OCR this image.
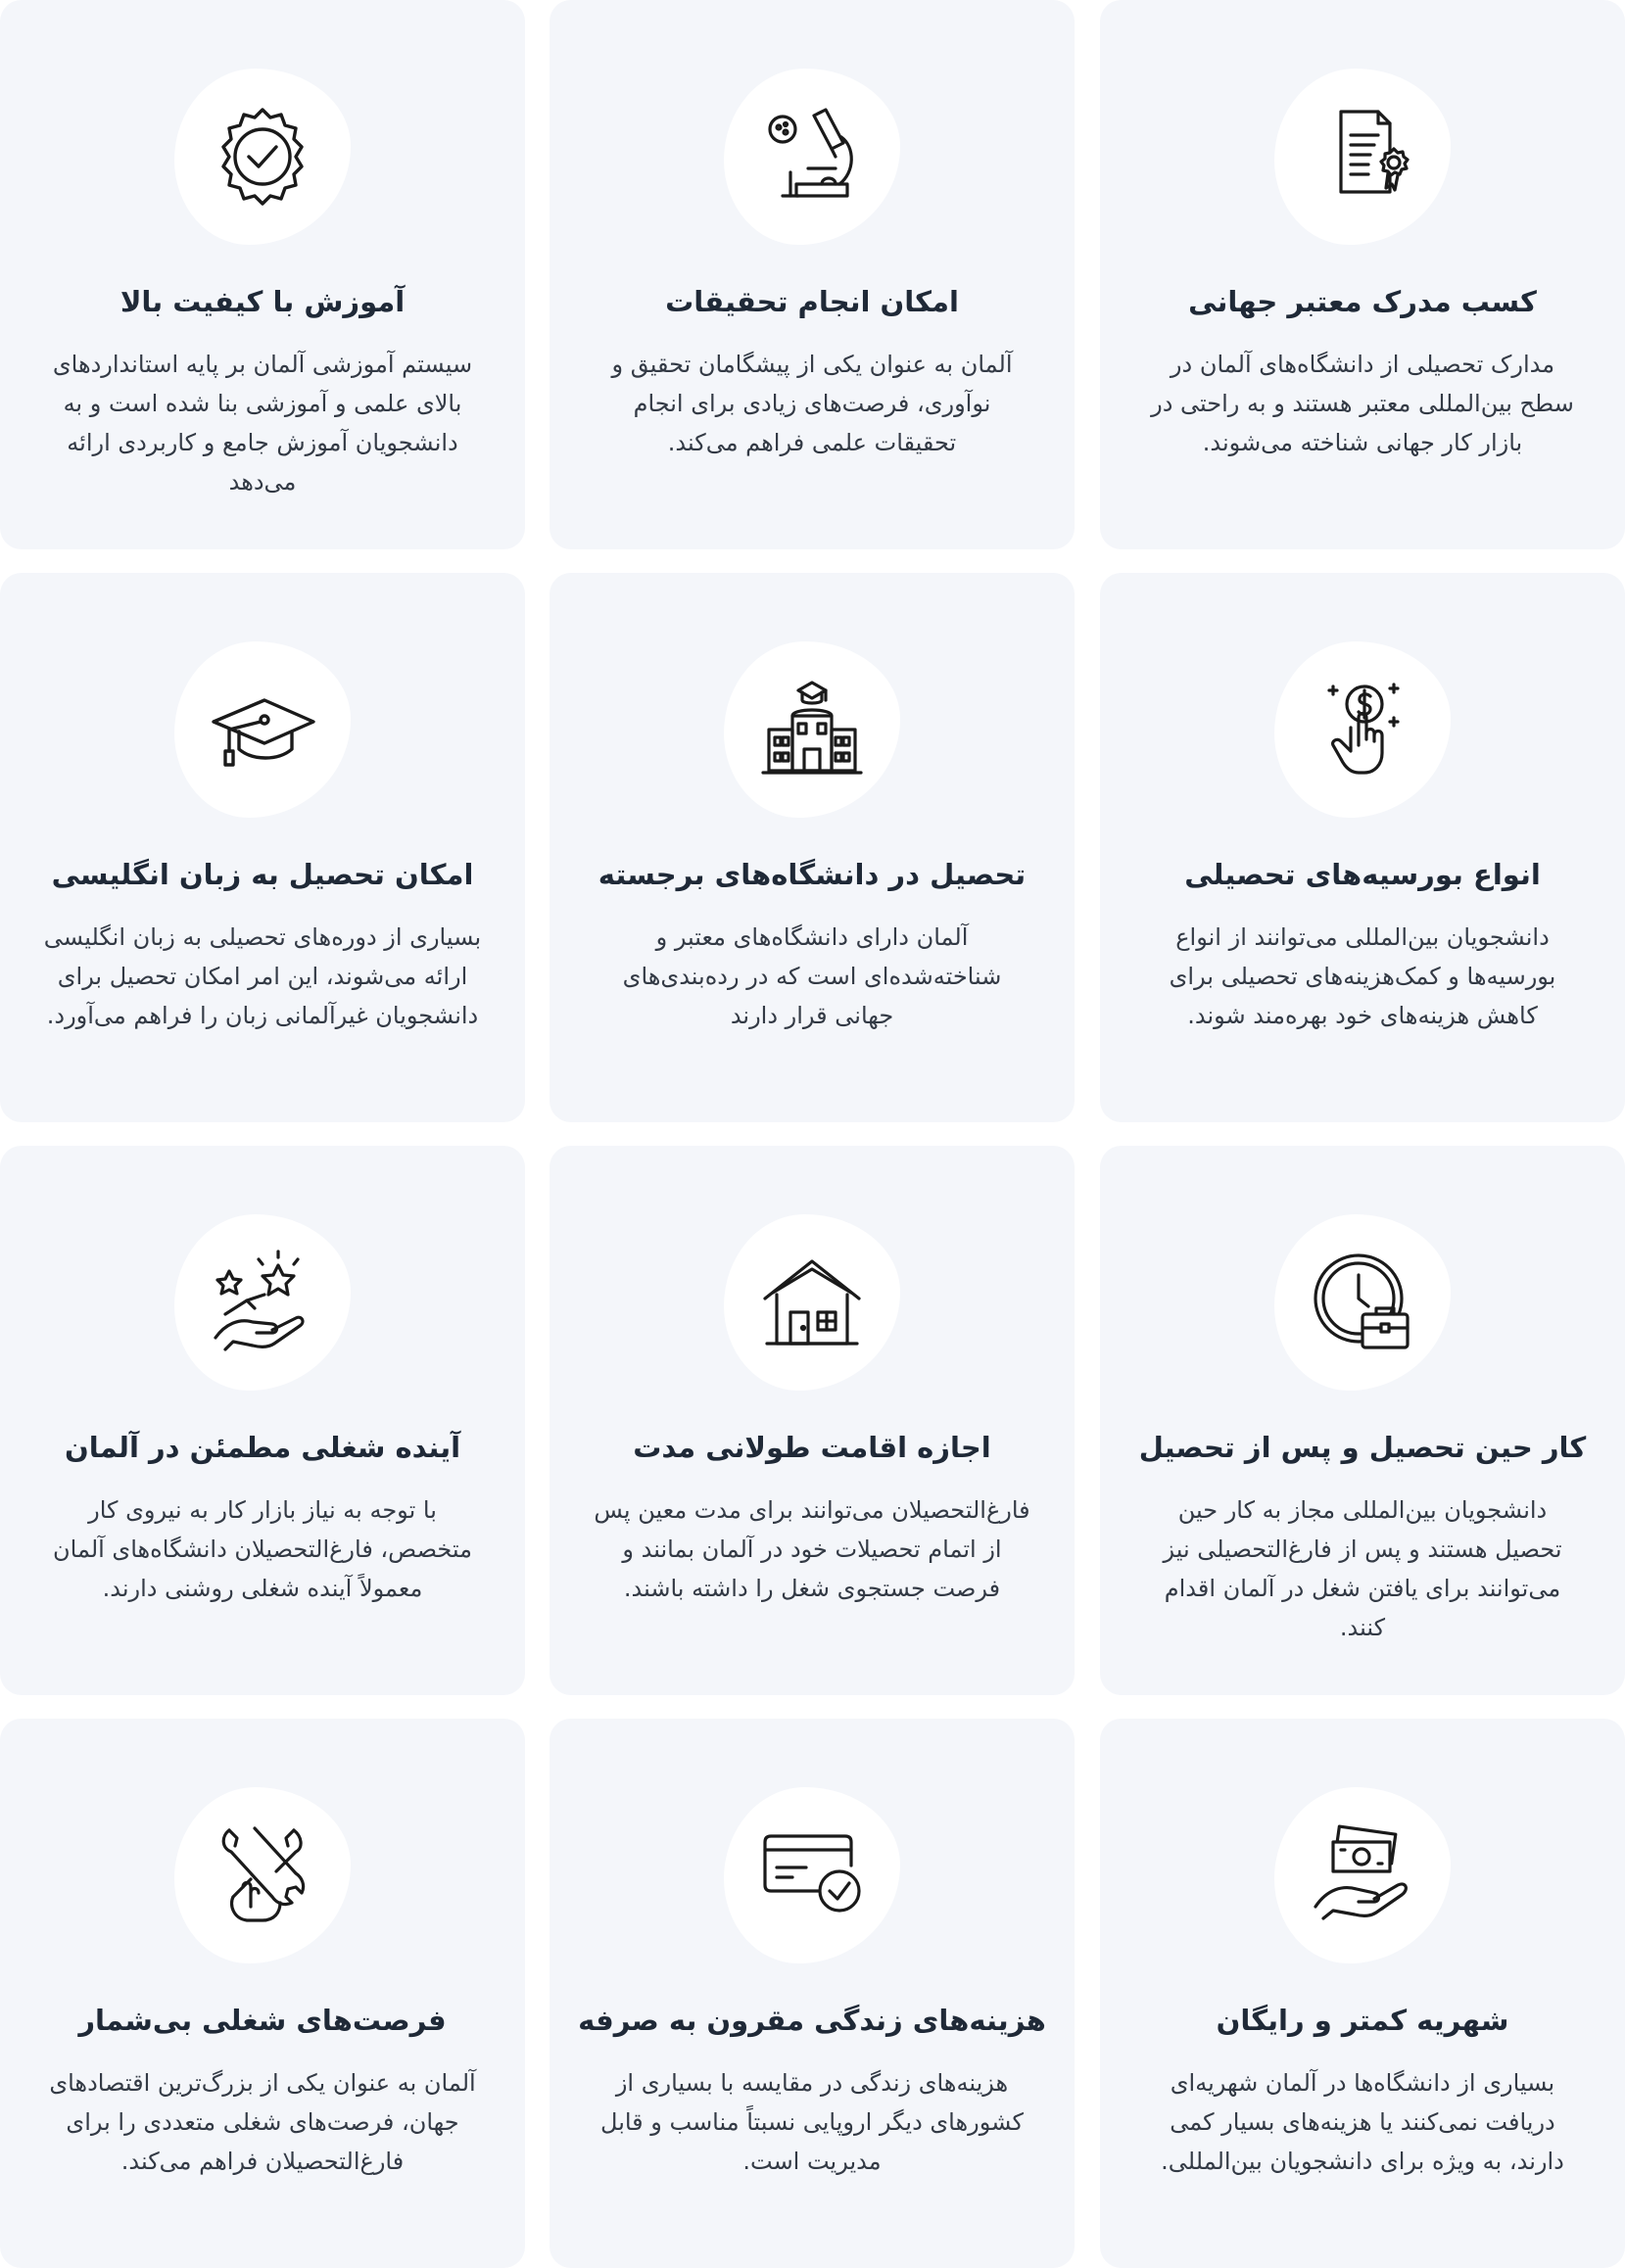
کسب مدرک معتبر جهانی

مدارک تحصیلی از دانشگاه‌های آلمان در سطح بین‌المللی معتبر هستند و به راحتی در بازار کار جهانی شناخته می‌شوند.

امکان انجام تحقیقات

آلمان به عنوان یکی از پیشگامان تحقیق و نوآوری، فرصت‌های زیادی برای انجام تحقیقات علمی فراهم می‌کند.

آموزش با کیفیت بالا

سیستم آموزشی آلمان بر پایه استانداردهای بالای علمی و آموزشی بنا شده است و به دانشجویان آموزش جامع و کاربردی ارائه می‌دهد

انواع بورسیه‌های تحصیلی

دانشجویان بین‌المللی می‌توانند از انواع بورسیه‌ها و کمک‌هزینه‌های تحصیلی برای کاهش هزینه‌های خود بهره‌مند شوند.

تحصیل در دانشگاه‌های برجسته

آلمان دارای دانشگاه‌های معتبر و شناخته‌شده‌ای است که در رده‌بندی‌های جهانی قرار دارند

امکان تحصیل به زبان انگلیسی

بسیاری از دوره‌های تحصیلی به زبان انگلیسی ارائه می‌شوند، این امر امکان تحصیل برای دانشجویان غیرآلمانی زبان را فراهم می‌آورد.

کار حین تحصیل و پس از تحصیل

دانشجویان بین‌المللی مجاز به کار حین تحصیل هستند و پس از فارغ‌التحصیلی نیز می‌توانند برای یافتن شغل در آلمان اقدام کنند.

اجازه اقامت طولانی مدت

فارغ‌التحصیلان می‌توانند برای مدت معین پس از اتمام تحصیلات خود در آلمان بمانند و فرصت جستجوی شغل را داشته باشند.

آینده شغلی مطمئن در آلمان

با توجه به نیاز بازار کار به نیروی کار متخصص، فارغ‌التحصیلان دانشگاه‌های آلمان معمولاً آینده شغلی روشنی دارند.

شهریه کمتر و رایگان

بسیاری از دانشگاه‌ها در آلمان شهریه‌ای دریافت نمی‌کنند یا هزینه‌های بسیار کمی دارند، به ویژه برای دانشجویان بین‌المللی.

هزینه‌های زندگی مقرون به صرفه

هزینه‌های زندگی در مقایسه با بسیاری از کشورهای دیگر اروپایی نسبتاً مناسب و قابل مدیریت است.

فرصت‌های شغلی بی‌شمار

آلمان به عنوان یکی از بزرگ‌ترین اقتصادهای جهان، فرصت‌های شغلی متعددی را برای فارغ‌التحصیلان فراهم می‌کند.
